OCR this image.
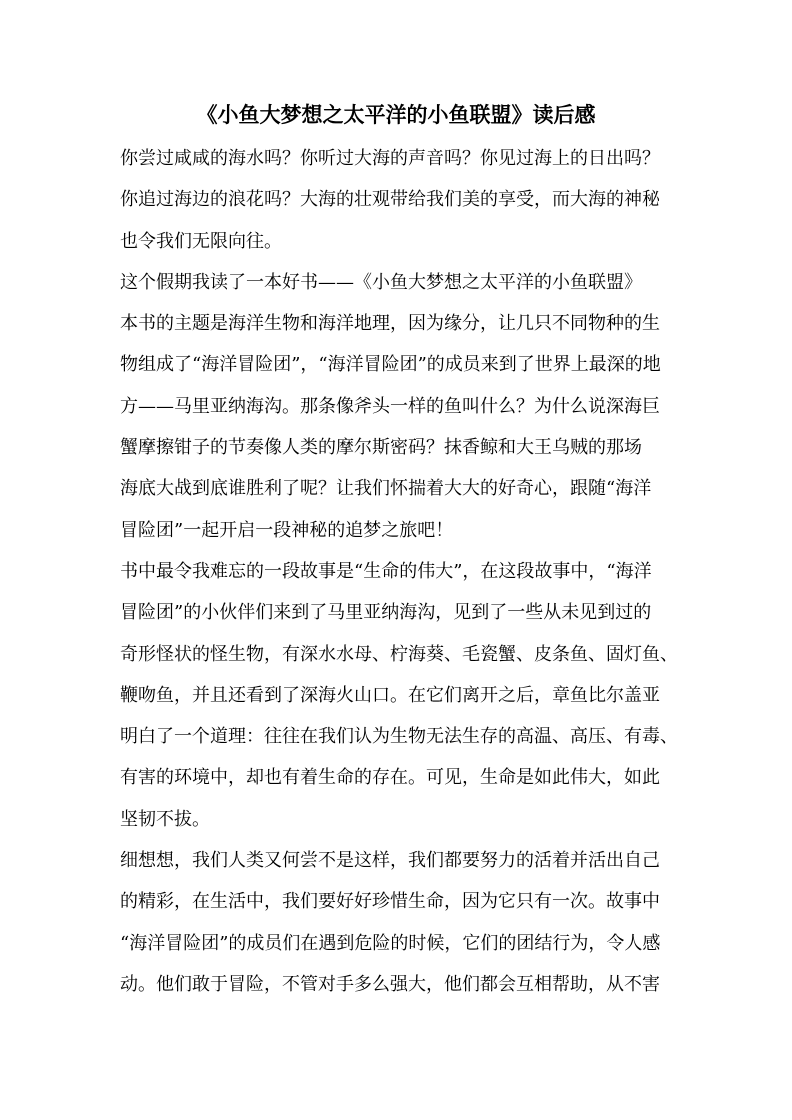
《小鱼大梦想之太平洋的小鱼联盟》读后感
你尝过咸咸的海水吗？你听过大海的声音吗？你见过海上的日出吗？
你追过海边的浪花吗？大海的壮观带给我们美的享受，而大海的神秘
也令我们无限向往。
这个假期我读了一本好书——《小鱼大梦想之太平洋的小鱼联盟》
本书的主题是海洋生物和海洋地理，因为缘分，让几只不同物种的生
物组成了“海洋冒险团”，“海洋冒险团”的成员来到了世界上最深的地
方——马里亚纳海沟。那条像斧头一样的鱼叫什么？为什么说深海巨
蟹摩擦钳子的节奏像人类的摩尔斯密码？抹香鲸和大王乌贼的那场
海底大战到底谁胜利了呢？让我们怀揣着大大的好奇心，跟随“海洋
冒险团”一起开启一段神秘的追梦之旅吧！
书中最令我难忘的一段故事是“生命的伟大”，在这段故事中，“海洋
冒险团”的小伙伴们来到了马里亚纳海沟，见到了一些从未见到过的
奇形怪状的怪生物，有深水水母、柠海葵、毛瓷蟹、皮条鱼、固灯鱼、
鞭吻鱼，并且还看到了深海火山口。在它们离开之后，章鱼比尔盖亚
明白了一个道理：往往在我们认为生物无法生存的高温、高压、有毒、
有害的环境中，却也有着生命的存在。可见，生命是如此伟大，如此
坚韧不拔。
细想想，我们人类又何尝不是这样，我们都要努力的活着并活出自己
的精彩，在生活中，我们要好好珍惜生命，因为它只有一次。故事中
“海洋冒险团”的成员们在遇到危险的时候，它们的团结行为，令人感
动。他们敢于冒险，不管对手多么强大，他们都会互相帮助，从不害
